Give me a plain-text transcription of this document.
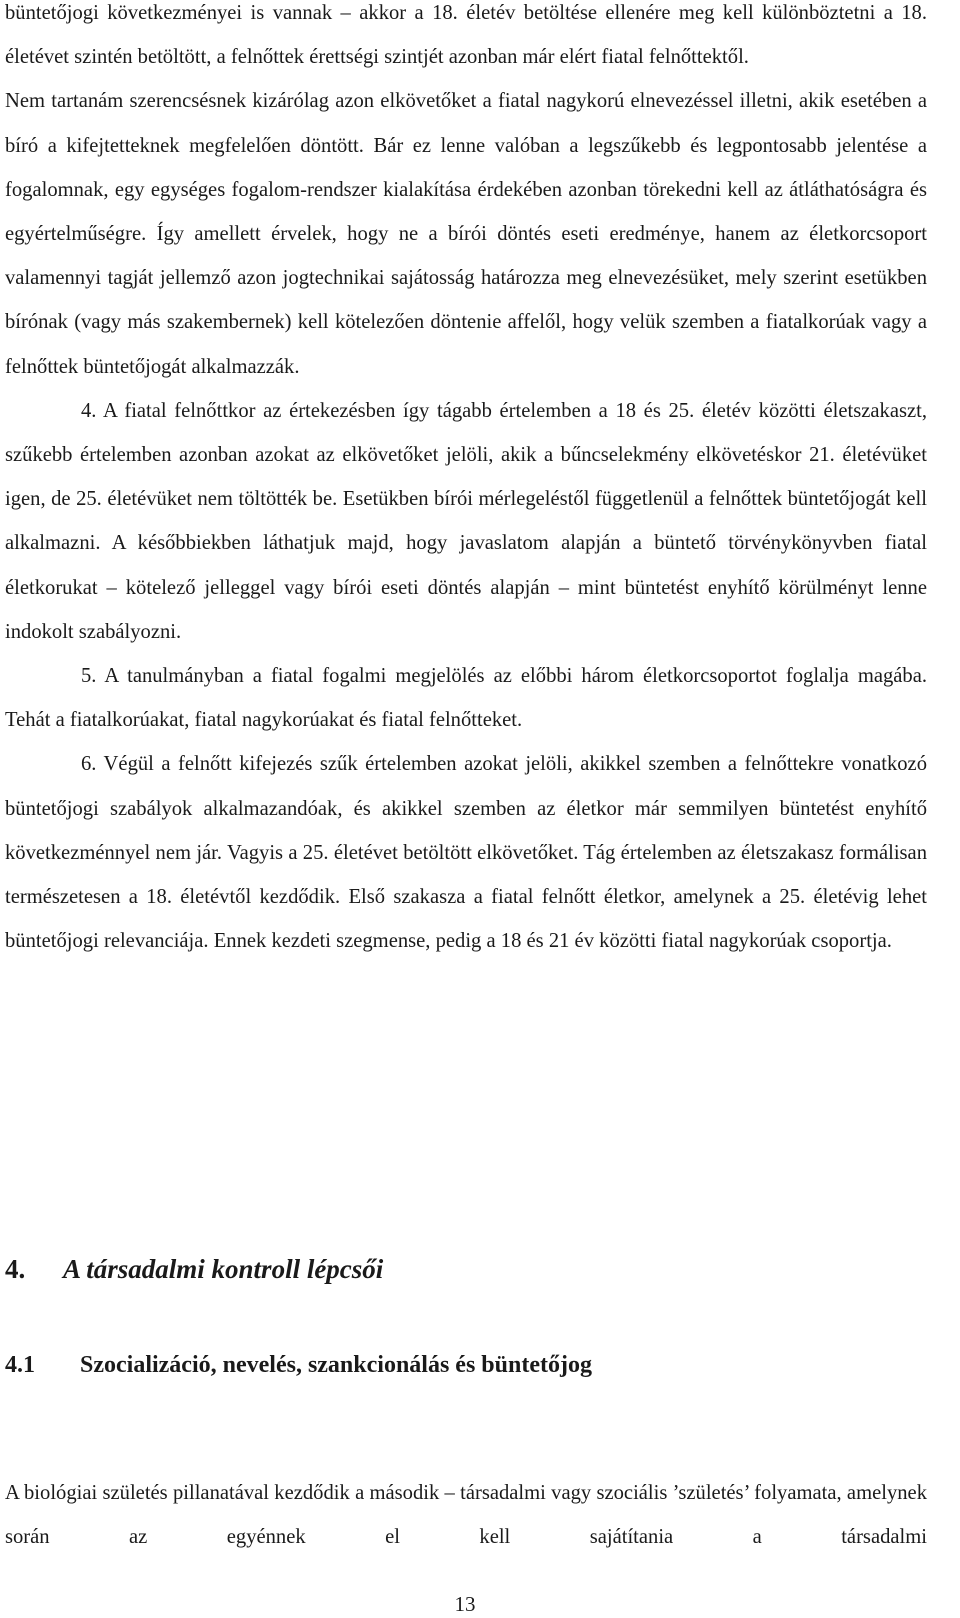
büntetőjogi következményei is vannak – akkor a 18. életév betöltése ellenére meg kell különböztetni a 18. életévet szintén betöltött, a felnőttek érettségi szintjét azonban már elért fiatal felnőttektől.

Nem tartanám szerencsésnek kizárólag azon elkövetőket a fiatal nagykorú elnevezéssel illetni, akik esetében a bíró a kifejtetteknek megfelelően döntött. Bár ez lenne valóban a legszűkebb és legpontosabb jelentése a fogalomnak, egy egységes fogalom-rendszer kialakítása érdekében azonban törekedni kell az átláthatóságra és egyértelműségre. Így amellett érvelek, hogy ne a bírói döntés eseti eredménye, hanem az életkorcsoport valamennyi tagját jellemző azon jogtechnikai sajátosság határozza meg elnevezésüket, mely szerint esetükben bírónak (vagy más szakembernek) kell kötelezően döntenie affelől, hogy velük szemben a fiatalkorúak vagy a felnőttek büntetőjogát alkalmazzák.

4. A fiatal felnőttkor az értekezésben így tágabb értelemben a 18 és 25. életév közötti életszakaszt, szűkebb értelemben azonban azokat az elkövetőket jelöli, akik a bűncselekmény elkövetéskor 21. életévüket igen, de 25. életévüket nem töltötték be. Esetükben bírói mérlegeléstől függetlenül a felnőttek büntetőjogát kell alkalmazni. A későbbiekben láthatjuk majd, hogy javaslatom alapján a büntető törvénykönyvben fiatal életkorukat – kötelező jelleggel vagy bírói eseti döntés alapján – mint büntetést enyhítő körülményt lenne indokolt szabályozni.

5. A tanulmányban a fiatal fogalmi megjelölés az előbbi három életkorcsoportot foglalja magába. Tehát a fiatalkorúakat, fiatal nagykorúakat és fiatal felnőtteket.

6. Végül a felnőtt kifejezés szűk értelemben azokat jelöli, akikkel szemben a felnőttekre vonatkozó büntetőjogi szabályok alkalmazandóak, és akikkel szemben az életkor már semmilyen büntetést enyhítő következménnyel nem jár. Vagyis a 25. életévet betöltött elkövetőket. Tág értelemben az életszakasz formálisan természetesen a 18. életévtől kezdődik. Első szakasza a fiatal felnőtt életkor, amelynek a 25. életévig lehet büntetőjogi relevanciája. Ennek kezdeti szegmense, pedig a 18 és 21 év közötti fiatal nagykorúak csoportja.

4. A társadalmi kontroll lépcsői
4.1 Szocializáció, nevelés, szankcionálás és büntetőjog

A biológiai születés pillanatával kezdődik a második – társadalmi vagy szociális ’születés’ folyamata, amelynek során az egyénnek el kell sajátítania a társadalmi

13
